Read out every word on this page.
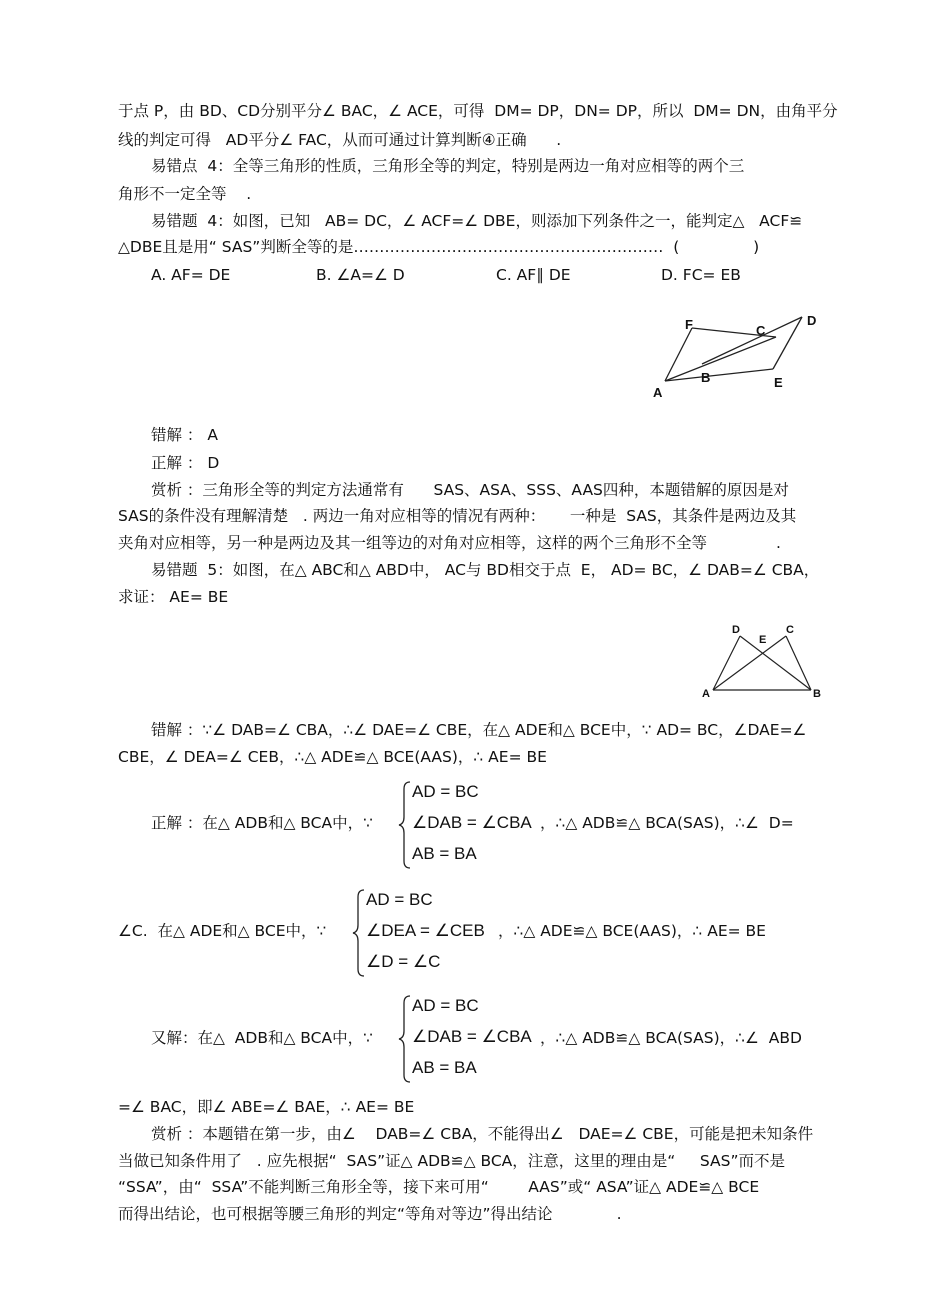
于点 P，由 BD、CD分别平分∠ BAC，∠ ACE，可得  DM= DP，DN= DP，所以  DM= DN，由角平分
线的判定可得   AD平分∠ FAC，从而可通过计算判断④正确      .
易错点  4：全等三角形的性质，三角形全等的判定，特别是两边一角对应相等的两个三
角形不一定全等    .
易错题  4：如图，已知   AB= DC，∠ ACF=∠ DBE，则添加下列条件之一，能判定△   ACF≌
△DBE且是用“ SAS”判断全等的是……………………………………………………  (               )
A. AF= DE	B. ∠A=∠ D	C. AF∥ DE	D. FC= EB
F	C
D
A
B	E
错解 ： A
正解 ： D
赏析 ：三角形全等的判定方法通常有      SAS、ASA、SSS、AAS四种，本题错解的原因是对
SAS的条件没有理解清楚   . 两边一角对应相等的情况有两种：     一种是  SAS，其条件是两边及其
夹角对应相等，另一种是两边及其一组等边的对角对应相等，这样的两个三角形不全等              .
易错题  5：如图，在△ ABC和△ ABD中， AC与 BD相交于点  E， AD= BC，∠ DAB=∠ CBA，
求证： AE= BE
D
E
C
A	B
错解 ：∵∠ DAB=∠ CBA，∴∠ DAE=∠ CBE，在△ ADE和△ BCE中，∵ AD= BC，∠DAE=∠
CBE，∠ DEA=∠ CEB，∴△ ADE≌△ BCE(AAS)，∴ AE= BE
正解 ：在△ ADB和△ BCA中，∵
AD = BC
∠DAB = ∠CBA
AB = BA
，∴△ ADB≌△ BCA(SAS)，∴∠  D=
∠C.  在△ ADE和△ BCE中，∵
AD = BC
∠DEA = ∠CEB
∠D = ∠C
，∴△ ADE≌△ BCE(AAS)，∴ AE= BE
又解：在△  ADB和△ BCA中，∵
AD = BC
∠DAB = ∠CBA
AB = BA
，∴△ ADB≌△ BCA(SAS)，∴∠  ABD
=∠ BAC，即∠ ABE=∠ BAE，∴ AE= BE
赏析 ：本题错在第一步，由∠    DAB=∠ CBA，不能得出∠   DAE=∠ CBE，可能是把未知条件
当做已知条件用了   . 应先根据“  SAS”证△ ADB≌△ BCA，注意，这里的理由是“     SAS”而不是
“SSA”，由“  SSA”不能判断三角形全等，接下来可用“        AAS”或“ ASA”证△ ADE≌△ BCE
而得出结论，也可根据等腰三角形的判定“等角对等边”得出结论             .
